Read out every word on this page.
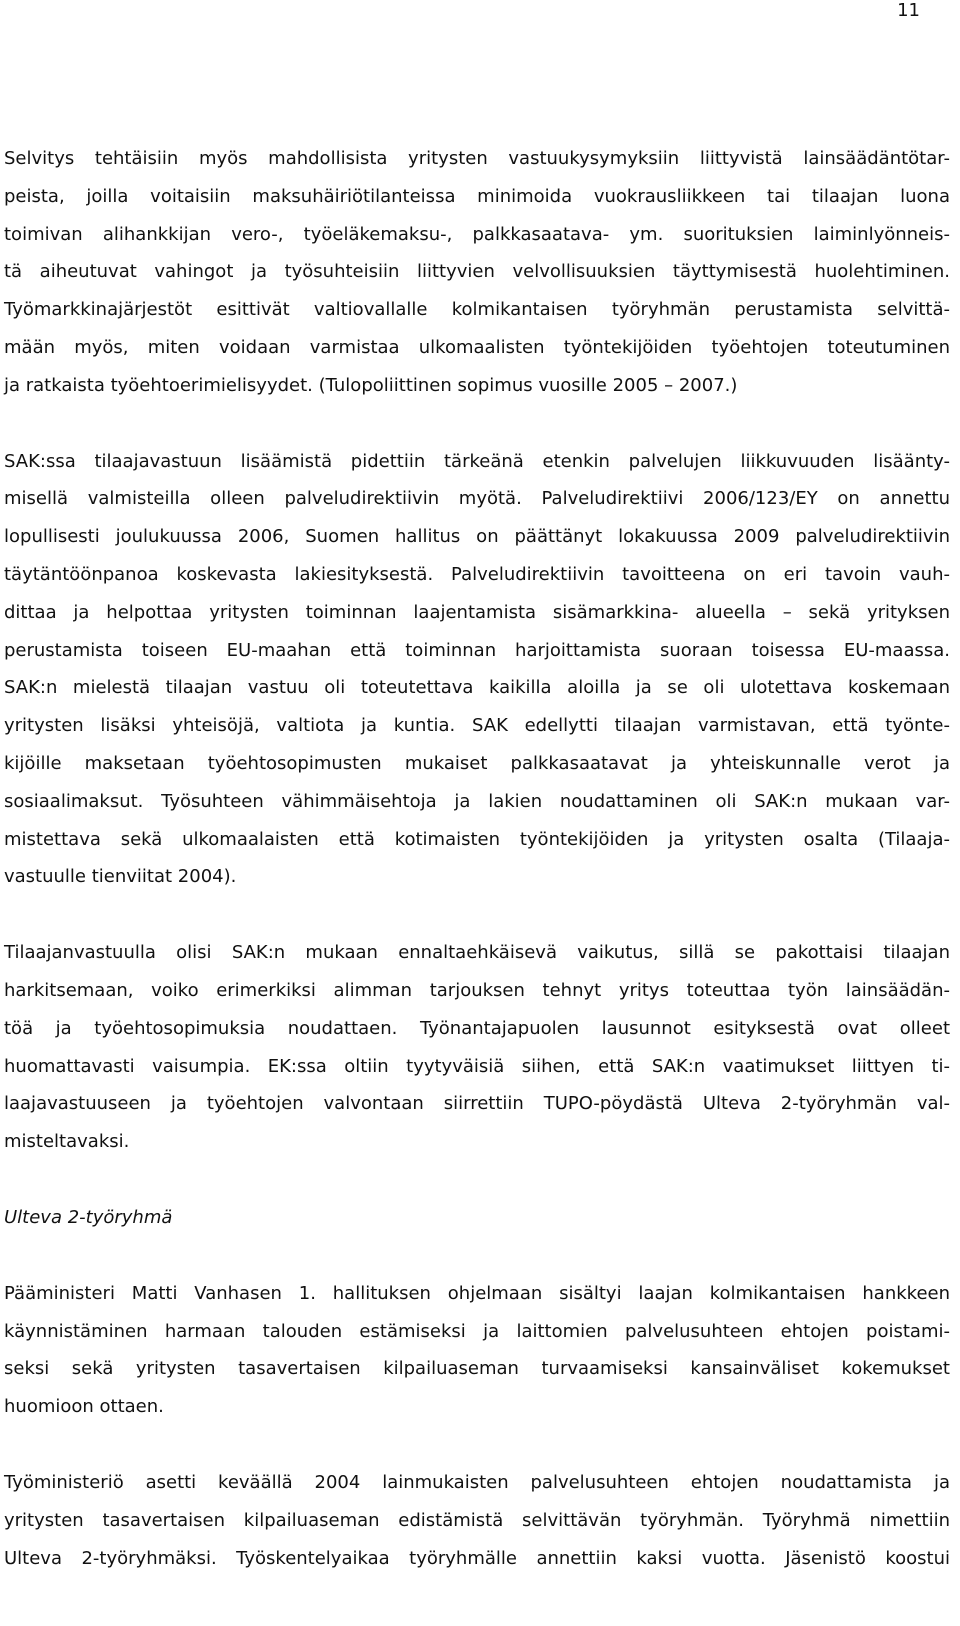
11
Selvitys tehtäisiin myös mahdollisista yritysten vastuukysymyksiin liittyvistä lainsäädäntötar-
peista, joilla voitaisiin maksuhäiriötilanteissa minimoida vuokrausliikkeen tai tilaajan luona
toimivan alihankkijan vero-, työeläkemaksu-, palkkasaatava- ym. suorituksien laiminlyönneis-
tä aiheutuvat vahingot ja työsuhteisiin liittyvien velvollisuuksien täyttymisestä huolehtiminen.
Työmarkkinajärjestöt esittivät valtiovallalle kolmikantaisen työryhmän perustamista selvittä-
mään myös, miten voidaan varmistaa ulkomaalisten työntekijöiden työehtojen toteutuminen
ja ratkaista työehtoerimielisyydet. (Tulopoliittinen sopimus vuosille 2005 – 2007.)
SAK:ssa tilaajavastuun lisäämistä pidettiin tärkeänä etenkin palvelujen liikkuvuuden lisäänty-
misellä valmisteilla olleen palveludirektiivin myötä. Palveludirektiivi 2006/123/EY on annettu
lopullisesti joulukuussa 2006, Suomen hallitus on päättänyt lokakuussa 2009 palveludirektiivin
täytäntöönpanoa koskevasta lakiesityksestä. Palveludirektiivin tavoitteena on eri tavoin vauh-
dittaa ja helpottaa yritysten toiminnan laajentamista sisämarkkina- alueella – sekä yrityksen
perustamista toiseen EU-maahan että toiminnan harjoittamista suoraan toisessa EU-maassa.
SAK:n mielestä tilaajan vastuu oli toteutettava kaikilla aloilla ja se oli ulotettava koskemaan
yritysten lisäksi yhteisöjä, valtiota ja kuntia. SAK edellytti tilaajan varmistavan, että työnte-
kijöille maksetaan työehtosopimusten mukaiset palkkasaatavat ja yhteiskunnalle verot ja
sosiaalimaksut. Työsuhteen vähimmäisehtoja ja lakien noudattaminen oli SAK:n mukaan var-
mistettava sekä ulkomaalaisten että kotimaisten työntekijöiden ja yritysten osalta (Tilaaja-
vastuulle tienviitat 2004).
Tilaajanvastuulla olisi SAK:n mukaan ennaltaehkäisevä vaikutus, sillä se pakottaisi tilaajan
harkitsemaan, voiko erimerkiksi alimman tarjouksen tehnyt yritys toteuttaa työn lainsäädän-
töä ja työehtosopimuksia noudattaen. Työnantajapuolen lausunnot esityksestä ovat olleet
huomattavasti vaisumpia. EK:ssa oltiin tyytyväisiä siihen, että SAK:n vaatimukset liittyen ti-
laajavastuuseen ja työehtojen valvontaan siirrettiin TUPO-pöydästä Ulteva 2-työryhmän val-
misteltavaksi.
Ulteva 2-työryhmä
Pääministeri Matti Vanhasen 1. hallituksen ohjelmaan sisältyi laajan kolmikantaisen hankkeen
käynnistäminen harmaan talouden estämiseksi ja laittomien palvelusuhteen ehtojen poistami-
seksi sekä yritysten tasavertaisen kilpailuaseman turvaamiseksi kansainväliset kokemukset
huomioon ottaen.
Työministeriö asetti keväällä 2004 lainmukaisten palvelusuhteen ehtojen noudattamista ja
yritysten tasavertaisen kilpailuaseman edistämistä selvittävän työryhmän. Työryhmä nimettiin
Ulteva 2-työryhmäksi. Työskentelyaikaa työryhmälle annettiin kaksi vuotta. Jäsenistö koostui
